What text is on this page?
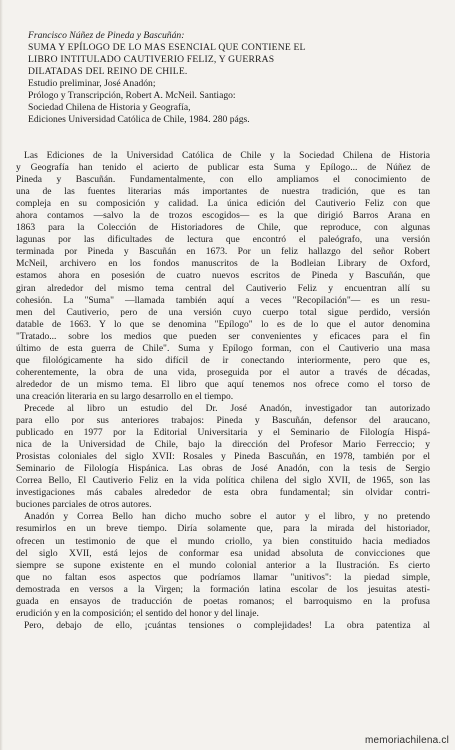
Francisco Núñez de Pineda y Bascuñán:
SUMA Y EPÍLOGO DE LO MAS ESENCIAL QUE CONTIENE EL
LIBRO INTITULADO CAUTIVERIO FELIZ, Y GUERRAS
DILATADAS DEL REINO DE CHILE.
Estudio preliminar, José Anadón;
Prólogo y Transcripción, Robert A. McNeil. Santiago:
Sociedad Chilena de Historia y Geografía,
Ediciones Universidad Católica de Chile, 1984. 280 págs.
Las Ediciones de la Universidad Católica de Chile y la Sociedad Chilena de Historia
y Geografía han tenido el acierto de publicar esta Suma y Epílogo... de Núñez de
Pineda y Bascuñán. Fundamentalmente, con ello ampliamos el conocimiento de
una de las fuentes literarias más importantes de nuestra tradición, que es tan
compleja en su composición y calidad. La única edición del Cautiverio Feliz con que
ahora contamos —salvo la de trozos escogidos— es la que dirigió Barros Arana en
1863 para la Colección de Historiadores de Chile, que reproduce, con algunas
lagunas por las dificultades de lectura que encontró el paleógrafo, una versión
terminada por Pineda y Bascuñán en 1673. Por un feliz hallazgo del señor Robert
McNeil, archivero en los fondos manuscritos de la Bodleian Library de Oxford,
estamos ahora en posesión de cuatro nuevos escritos de Pineda y Bascuñán, que
giran alrededor del mismo tema central del Cautiverio Feliz y encuentran allí su
cohesión. La "Suma" —llamada también aquí a veces "Recopilación"— es un resu-
men del Cautiverio, pero de una versión cuyo cuerpo total sigue perdido, versión
datable de 1663. Y lo que se denomina "Epílogo" lo es de lo que el autor denomina
"Tratado... sobre los medios que pueden ser convenientes y eficaces para el fin
último de esta guerra de Chile". Suma y Epílogo forman, con el Cautiverio una masa
que filológicamente ha sido difícil de ir conectando interiormente, pero que es,
coherentemente, la obra de una vida, proseguida por el autor a través de décadas,
alrededor de un mismo tema. El libro que aquí tenemos nos ofrece como el torso de
una creación literaria en su largo desarrollo en el tiempo.
Precede al libro un estudio del Dr. José Anadón, investigador tan autorizado
para ello por sus anteriores trabajos: Pineda y Bascuñán, defensor del araucano,
publicado en 1977 por la Editorial Universitaria y el Seminario de Filología Hispá-
nica de la Universidad de Chile, bajo la dirección del Profesor Mario Ferreccio; y
Prosistas coloniales del siglo XVII: Rosales y Pineda Bascuñán, en 1978, también por el
Seminario de Filología Hispánica. Las obras de José Anadón, con la tesis de Sergio
Correa Bello, El Cautiverio Feliz en la vida política chilena del siglo XVII, de 1965, son las
investigaciones más cabales alrededor de esta obra fundamental; sin olvidar contri-
buciones parciales de otros autores.
Anadón y Correa Bello han dicho mucho sobre el autor y el libro, y no pretendo
resumirlos en un breve tiempo. Diría solamente que, para la mirada del historiador,
ofrecen un testimonio de que el mundo criollo, ya bien constituido hacia mediados
del siglo XVII, está lejos de conformar esa unidad absoluta de convicciones que
siempre se supone existente en el mundo colonial anterior a la Ilustración. Es cierto
que no faltan esos aspectos que podríamos llamar "unitivos": la piedad simple,
demostrada en versos a la Virgen; la formación latina escolar de los jesuitas atesti-
guada en ensayos de traducción de poetas romanos; el barroquismo en la profusa
erudición y en la composición; el sentido del honor y del linaje.
Pero, debajo de ello, ¡cuántas tensiones o complejidades! La obra patentiza al
memoriachilena.cl
